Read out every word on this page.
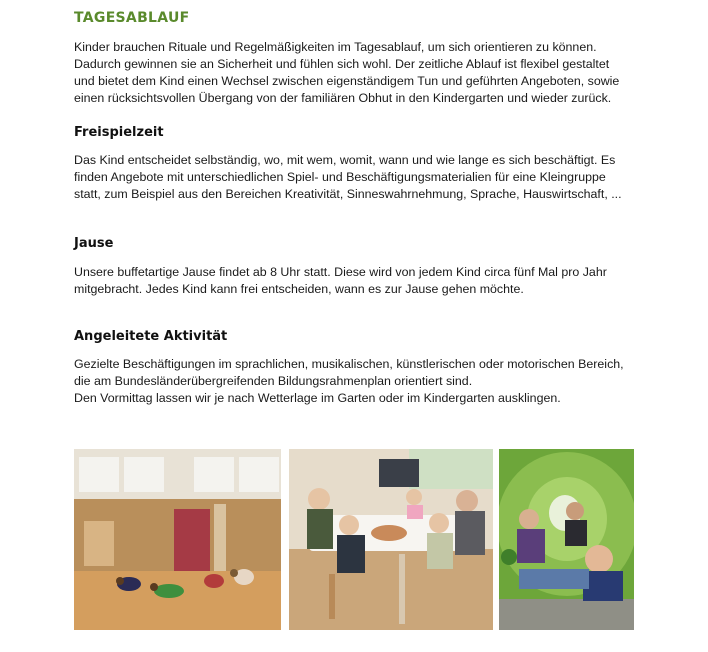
TAGESABLAUF

Kinder brauchen Rituale und Regelmäßigkeiten im Tagesablauf, um sich orientieren zu können.
Dadurch gewinnen sie an Sicherheit und fühlen sich wohl. Der zeitliche Ablauf ist flexibel gestaltet
und bietet dem Kind einen Wechsel zwischen eigenständigem Tun und geführten Angeboten, sowie
einen rücksichtsvollen Übergang von der familiären Obhut in den Kindergarten und wieder zurück.

Freispielzeit

Das Kind entscheidet selbständig, wo, mit wem, womit, wann und wie lange es sich beschäftigt. Es
finden Angebote mit unterschiedlichen Spiel- und Beschäftigungsmaterialien für eine Kleingruppe
statt, zum Beispiel aus den Bereichen Kreativität, Sinneswahrnehmung, Sprache, Hauswirtschaft, ...

Jause

Unsere buffetartige Jause findet ab 8 Uhr statt. Diese wird von jedem Kind circa fünf Mal pro Jahr
mitgebracht. Jedes Kind kann frei entscheiden, wann es zur Jause gehen möchte.

Angeleitete Aktivität

Gezielte Beschäftigungen im sprachlichen, musikalischen, künstlerischen oder motorischen Bereich,
die am Bundesländerübergreifenden Bildungsrahmenplan orientiert sind.
Den Vormittag lassen wir je nach Wetterlage im Garten oder im Kindergarten ausklingen.
